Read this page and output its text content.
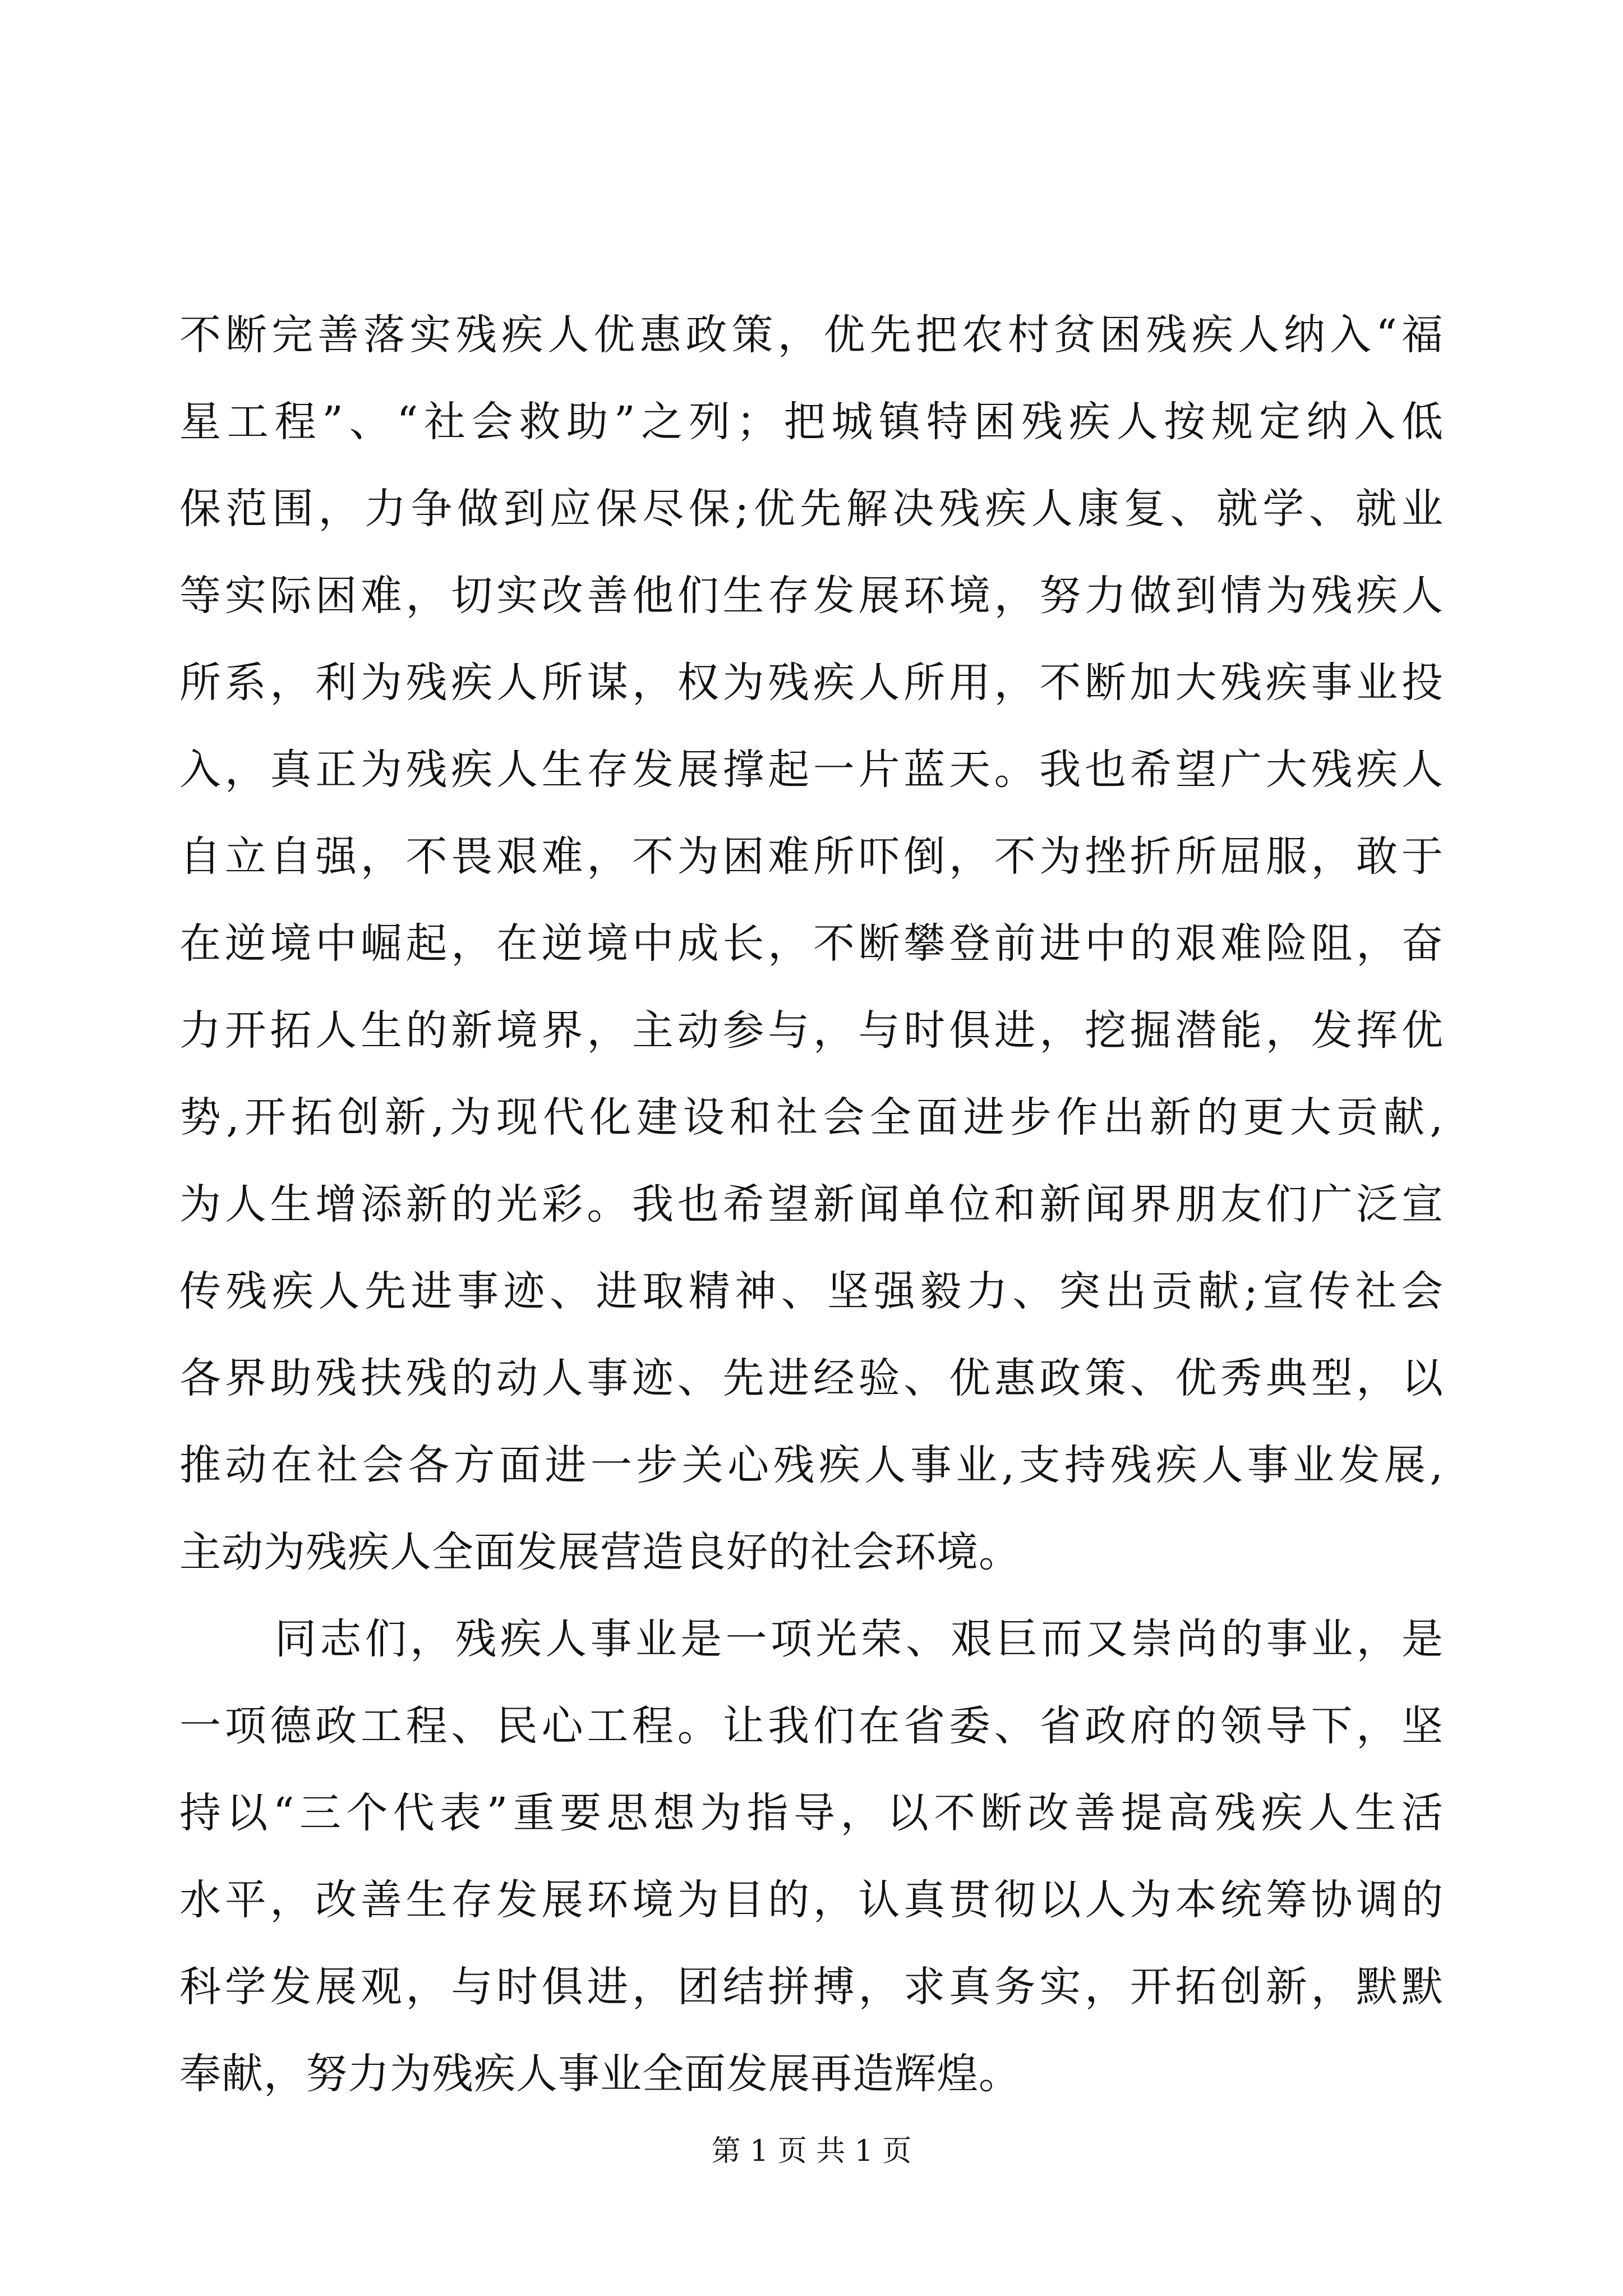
不断完善落实残疾人优惠政策，优先把农村贫困残疾人纳入“福
星工程”、“社会救助”之列；把城镇特困残疾人按规定纳入低
保范围，力争做到应保尽保;优先解决残疾人康复、就学、就业
等实际困难，切实改善他们生存发展环境，努力做到情为残疾人
所系，利为残疾人所谋，权为残疾人所用，不断加大残疾事业投
入，真正为残疾人生存发展撑起一片蓝天。我也希望广大残疾人
自立自强，不畏艰难，不为困难所吓倒，不为挫折所屈服，敢于
在逆境中崛起，在逆境中成长，不断攀登前进中的艰难险阻，奋
力开拓人生的新境界，主动参与，与时俱进，挖掘潜能，发挥优
势,开拓创新,为现代化建设和社会全面进步作出新的更大贡献,
为人生增添新的光彩。我也希望新闻单位和新闻界朋友们广泛宣
传残疾人先进事迹、进取精神、坚强毅力、突出贡献;宣传社会
各界助残扶残的动人事迹、先进经验、优惠政策、优秀典型，以
推动在社会各方面进一步关心残疾人事业,支持残疾人事业发展,
主动为残疾人全面发展营造良好的社会环境。
同志们，残疾人事业是一项光荣、艰巨而又崇尚的事业，是
一项德政工程、民心工程。让我们在省委、省政府的领导下，坚
持以“三个代表”重要思想为指导，以不断改善提高残疾人生活
水平，改善生存发展环境为目的，认真贯彻以人为本统筹协调的
科学发展观，与时俱进，团结拼搏，求真务实，开拓创新，默默
奉献，努力为残疾人事业全面发展再造辉煌。
第 1 页 共 1 页
